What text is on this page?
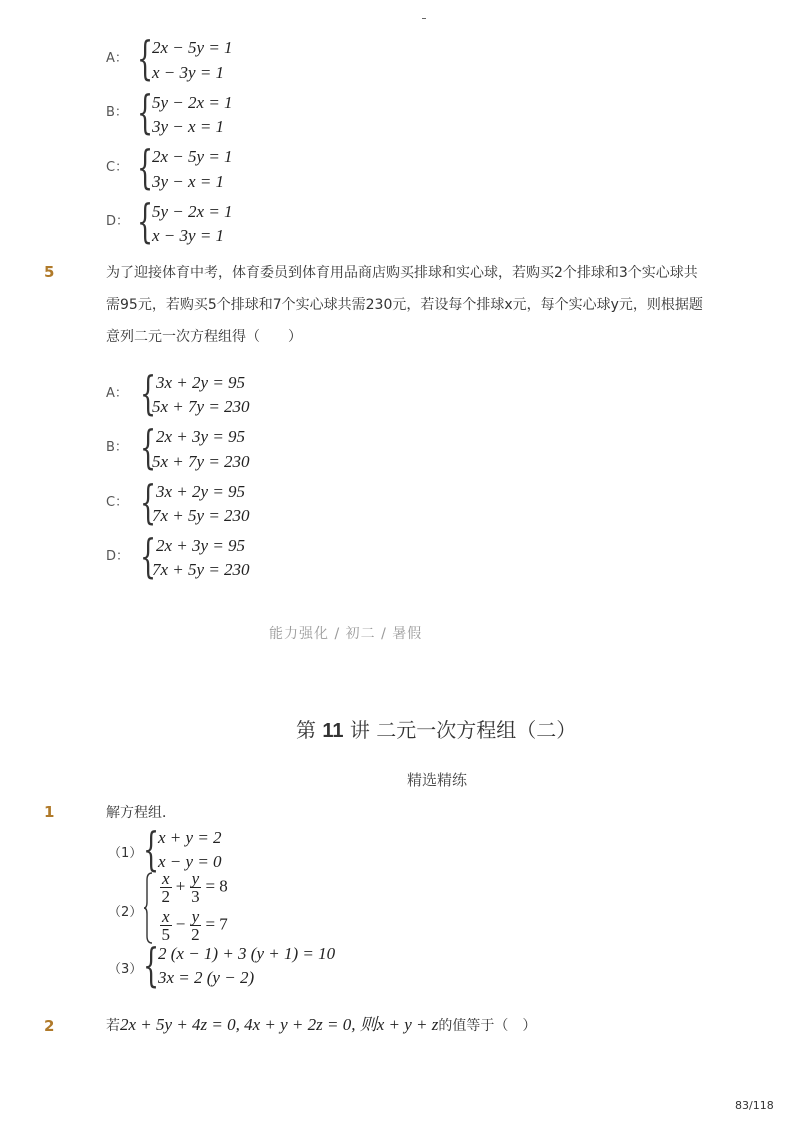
A： {
2x − 5y = 1
x − 3y = 1
B： {
5y − 2x = 1
3y − x = 1
C： {
2x − 5y = 1
3y − x = 1
D： {
5y − 2x = 1
x − 3y = 1
5	为了迎接体育中考，体育委员到体育用品商店购买排球和实心球，若购买2个排球和3个实心球共
需95元，若购买5个排球和7个实心球共需230元，若设每个排球x元，每个实心球y元，则根据题
意列二元一次方程组得（　　）
A： { 3x + 2y = 95
5x + 7y = 230
B： { 2x + 3y = 95
5x + 7y = 230
C： { 3x + 2y = 95
7x + 5y = 230
D： { 2x + 3y = 95
7x + 5y = 230
能力强化 / 初二 / 暑假
第 11 讲 二元一次方程组（二）
精选精练
1	解方程组．
（1） {
x + y = 2
x − y = 0
（2）
$\frac{x}{2} + \frac{y}{3} = 8$
$\frac{x}{5} - \frac{y}{2} = 7$
（3） {
2 (x − 1) + 3 (y + 1) = 10
3x = 2 (y − 2)
2	若2x + 5y + 4z = 0, 4x + y + 2z = 0, 则x + y + z的值等于（　）
83/118
